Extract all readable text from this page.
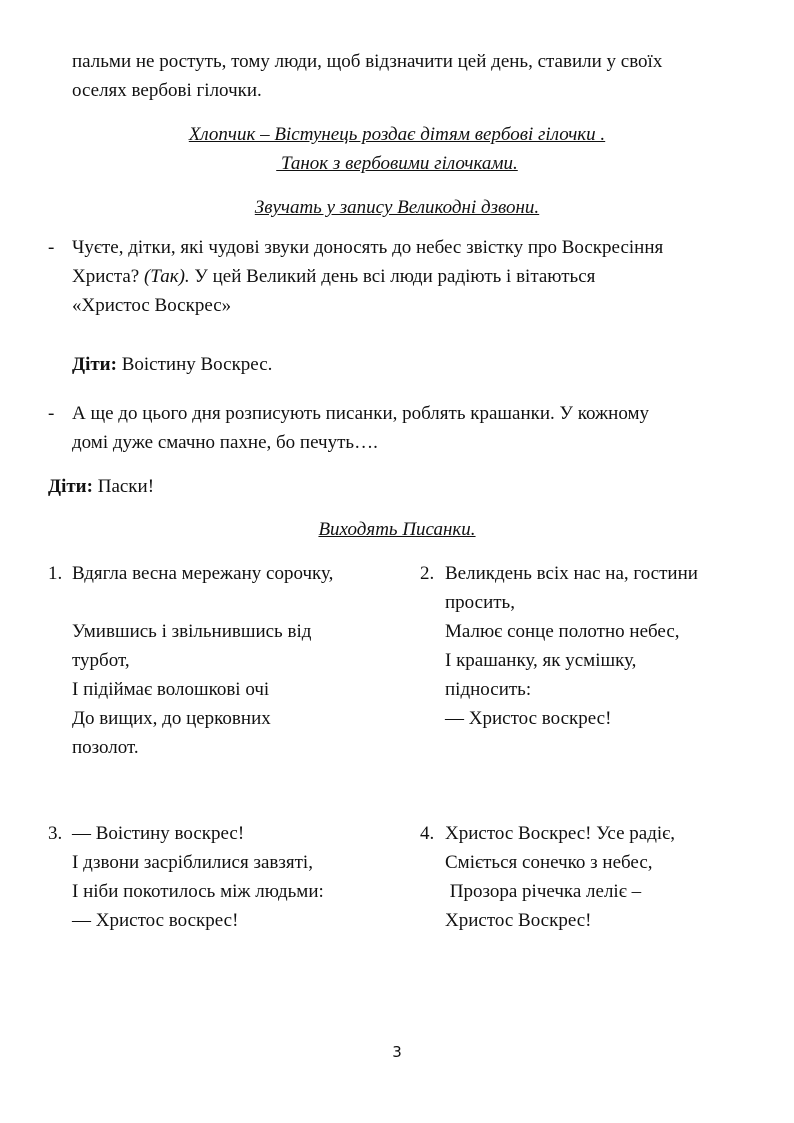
пальми не ростуть, тому люди, щоб відзначити цей день, ставили у своїх
оселях вербові гілочки.
Хлопчик – Вістунець роздає дітям вербові гілочки .
Танок з вербовими гілочками.
Звучать у запису Великодні дзвони.
- Чуєте, дітки, які чудові звуки доносять до небес звістку про Воскресіння
Христа? (Так). У цей Великий день всі люди радіють і вітаються
«Христос Воскрес»
Діти: Воістину Воскрес.
- А ще до цього дня розписують писанки, роблять крашанки. У кожному
домі дуже смачно пахне, бо печуть….
Діти: Паски!
Виходять Писанки.
1. Вдягла весна мережану сорочку,
Умившись і звільнившись від
турбот,
І підіймає волошкові очі
До вищих, до церковних
позолот.
2. Великдень всіх нас на, гостини
просить,
Малює сонце полотно небес,
І крашанку, як усмішку,
підносить:
— Христос воскрес!
3. — Воістину воскрес!
І дзвони засріблилися завзяті,
І ніби покотилось між людьми:
— Христос воскрес!
4. Христос Воскрес! Усе радіє,
Сміється сонечко з небес,
Прозора річечка леліє –
Христос Воскрес!
3
